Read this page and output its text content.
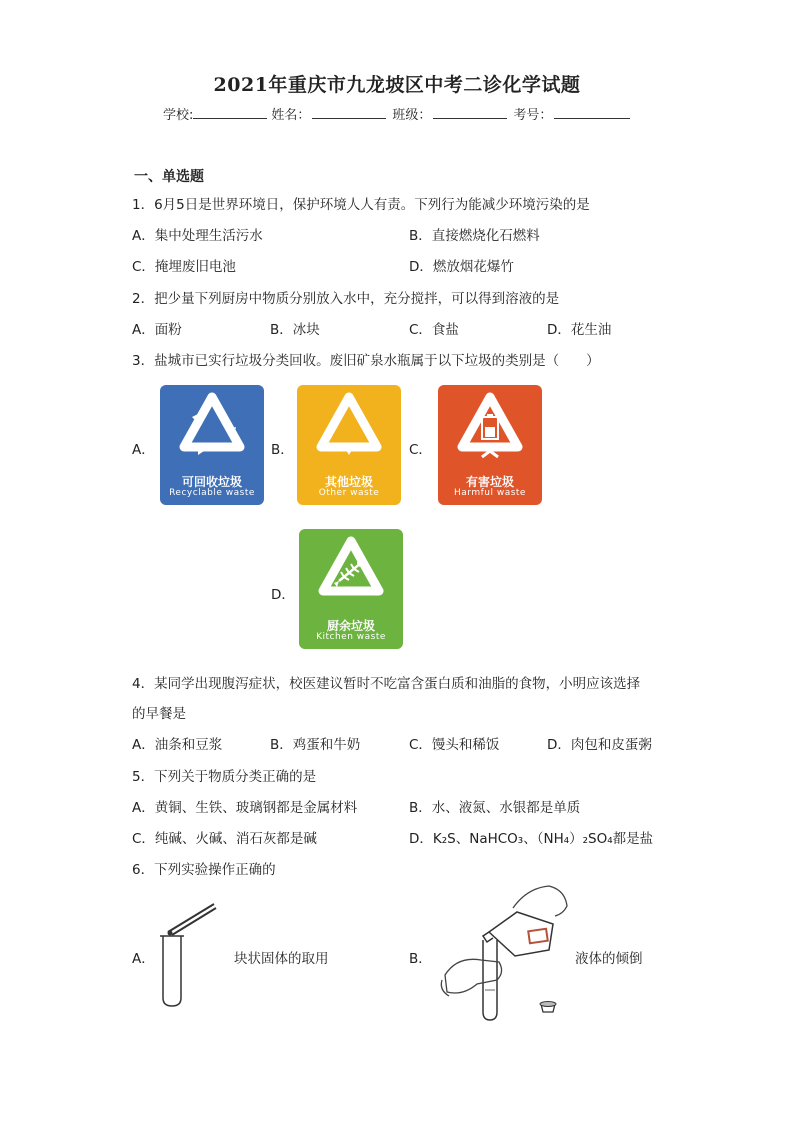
2021年重庆市九龙坡区中考二诊化学试题
学校:	姓名：	班级：	考号：
一、单选题
1．6月5日是世界环境日，保护环境人人有责。下列行为能减少环境污染的是
A．集中处理生活污水	B．直接燃烧化石燃料
C．掩埋废旧电池	D．燃放烟花爆竹
2．把少量下列厨房中物质分别放入水中，充分搅拌，可以得到溶液的是
A．面粉	B．冰块	C．食盐	D．花生油
3．盐城市已实行垃圾分类回收。废旧矿泉水瓶属于以下垃圾的类别是（　　）
A．
可回收垃圾
Recyclable waste
B．
其他垃圾
Other waste
C．
有害垃圾
Harmful waste
D．
厨余垃圾
Kitchen waste
4．某同学出现腹泻症状，校医建议暂时不吃富含蛋白质和油脂的食物，小明应该选择
的早餐是
A．油条和豆浆	B．鸡蛋和牛奶	C．馒头和稀饭	D．肉包和皮蛋粥
5．下列关于物质分类正确的是
A．黄铜、生铁、玻璃钢都是金属材料	B．水、液氮、水银都是单质
C．纯碱、火碱、消石灰都是碱	D．K₂S、NaHCO₃、（NH₄）₂SO₄都是盐
6．下列实验操作正确的
A．	块状固体的取用	B．	液体的倾倒
